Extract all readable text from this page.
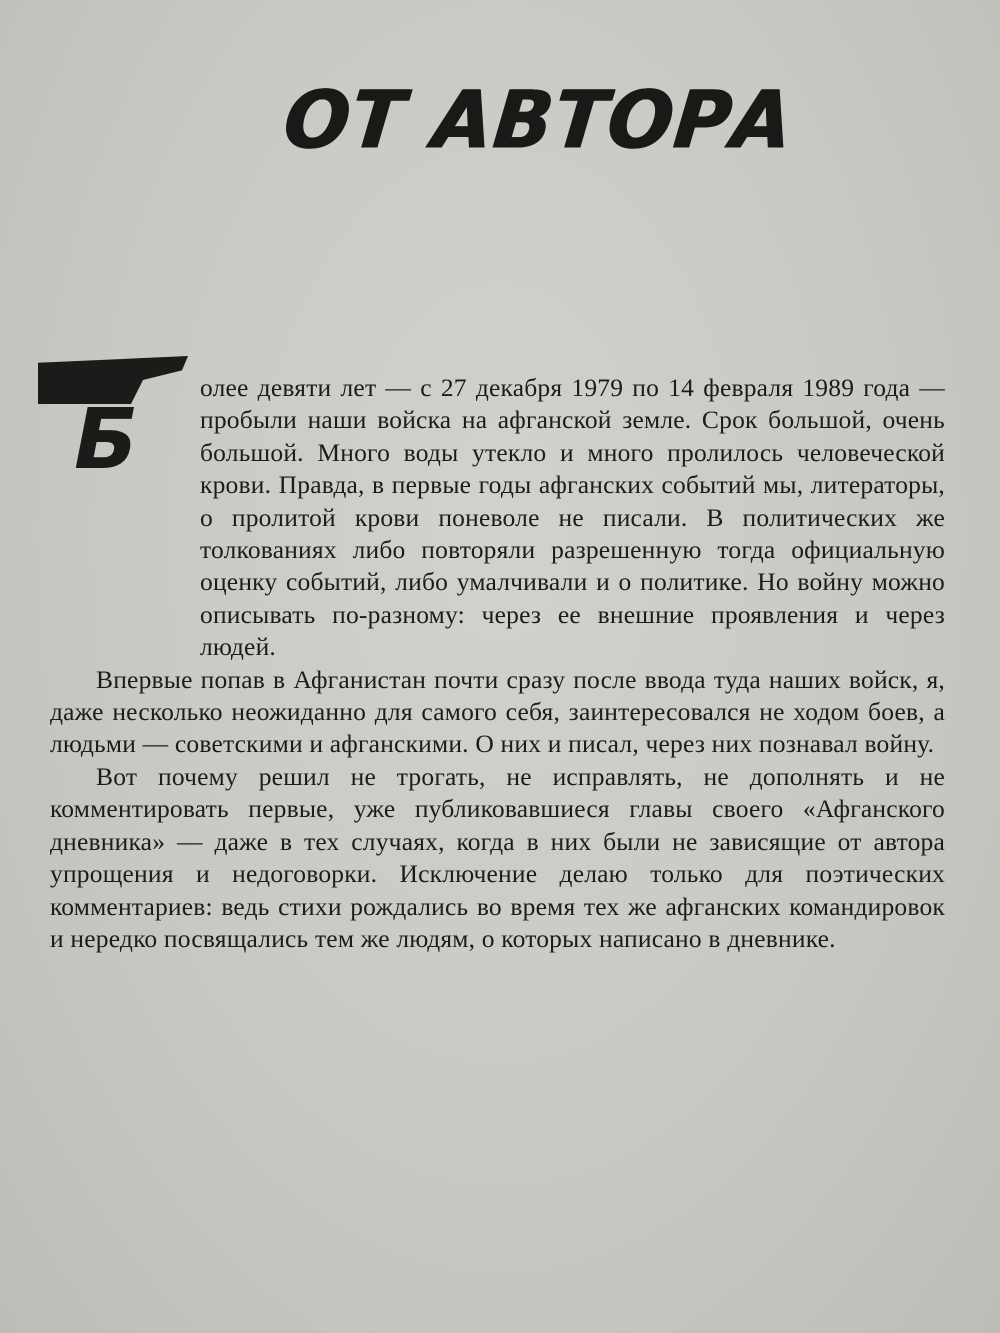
ОТ АВТОРА
Б

олее девяти лет — с 27 декабря 1979 по 14 февраля 1989 года — пробыли наши войска на афганской земле. Срок большой, очень большой. Много воды утекло и много пролилось человеческой крови. Правда, в первые годы афганских событий мы, литераторы, о пролитой крови поневоле не писали. В политических же толкованиях либо повторяли разрешенную тогда официальную оценку событий, либо умалчивали и о политике. Но войну можно описывать по-разному: через ее внешние проявления и через людей.

Впервые попав в Афганистан почти сразу после ввода туда наших войск, я, даже несколько неожиданно для самого себя, заинтересовался не ходом боев, а людьми — советскими и афганскими. О них и писал, через них познавал войну.

Вот почему решил не трогать, не исправлять, не дополнять и не комментировать первые, уже публиковавшиеся главы своего «Афганского дневника» — даже в тех случаях, когда в них были не зависящие от автора упрощения и недоговорки. Исключение делаю только для поэтических комментариев: ведь стихи рождались во время тех же афганских командировок и нередко посвящались тем же людям, о которых написано в дневнике.
